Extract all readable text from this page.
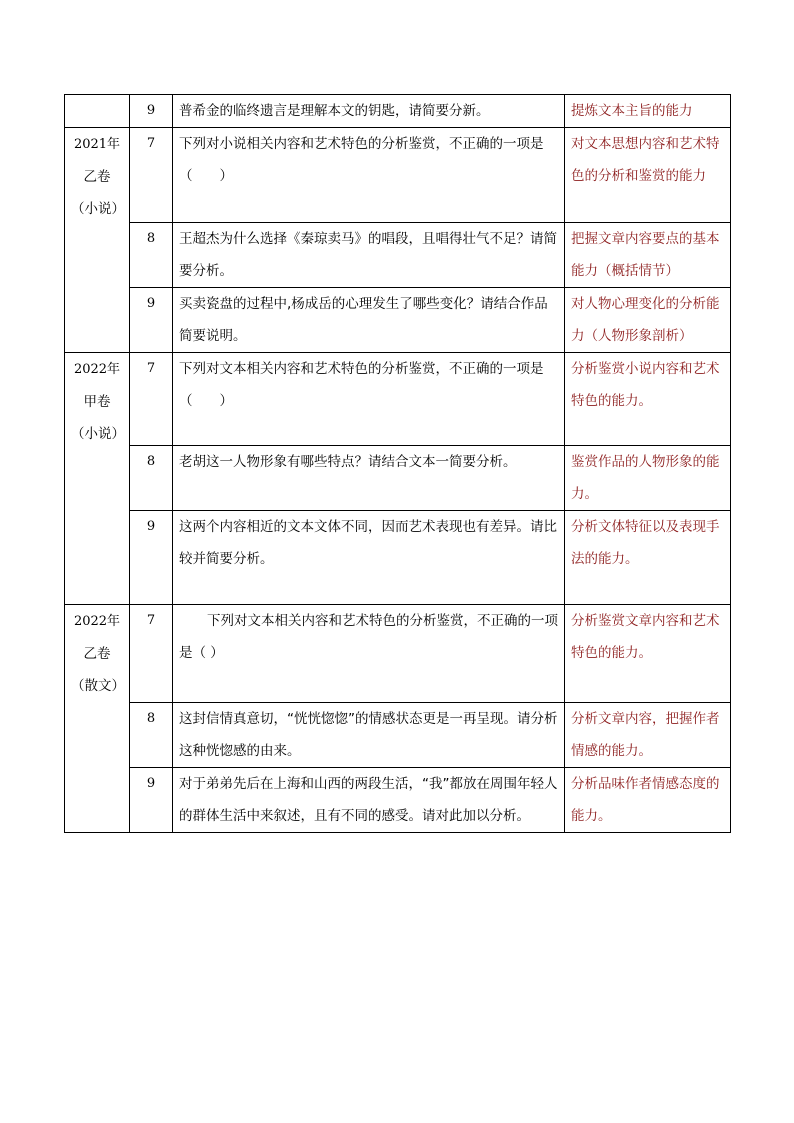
	9	普希金的临终遗言是理解本文的钥匙，请简要分新。	提炼文本主旨的能力

2021年
乙卷
（小说）	7	下列对小说相关内容和艺术特色的分析鉴赏，不正确的一项是（　　）	对文本思想内容和艺术特色的分析和鉴赏的能力
	8	王超杰为什么选择《秦琼卖马》的唱段，且唱得壮气不足？请简要分析。	把握文章内容要点的基本能力（概括情节）
	9	买卖瓷盘的过程中,杨成岳的心理发生了哪些变化？请结合作品简要说明。	对人物心理变化的分析能力（人物形象剖析）

2022年
甲卷
（小说）	7	下列对文本相关内容和艺术特色的分析鉴赏，不正确的一项是（　　）	分析鉴赏小说内容和艺术特色的能力。
	8	老胡这一人物形象有哪些特点？请结合文本一简要分析。	鉴赏作品的人物形象的能力。
	9	这两个内容相近的文本文体不同，因而艺术表现也有差异。请比较并简要分析。	分析文体特征以及表现手法的能力。

2022年
乙卷
（散文）	7	下列对文本相关内容和艺术特色的分析鉴赏，不正确的一项是（ ）	分析鉴赏文章内容和艺术特色的能力。
	8	这封信情真意切，“恍恍惚惚”的情感状态更是一再呈现。请分析这种恍惚感的由来。	分析文章内容，把握作者情感的能力。
	9	对于弟弟先后在上海和山西的两段生活，“我”都放在周围年轻人的群体生活中来叙述，且有不同的感受。请对此加以分析。	分析品味作者情感态度的能力。
